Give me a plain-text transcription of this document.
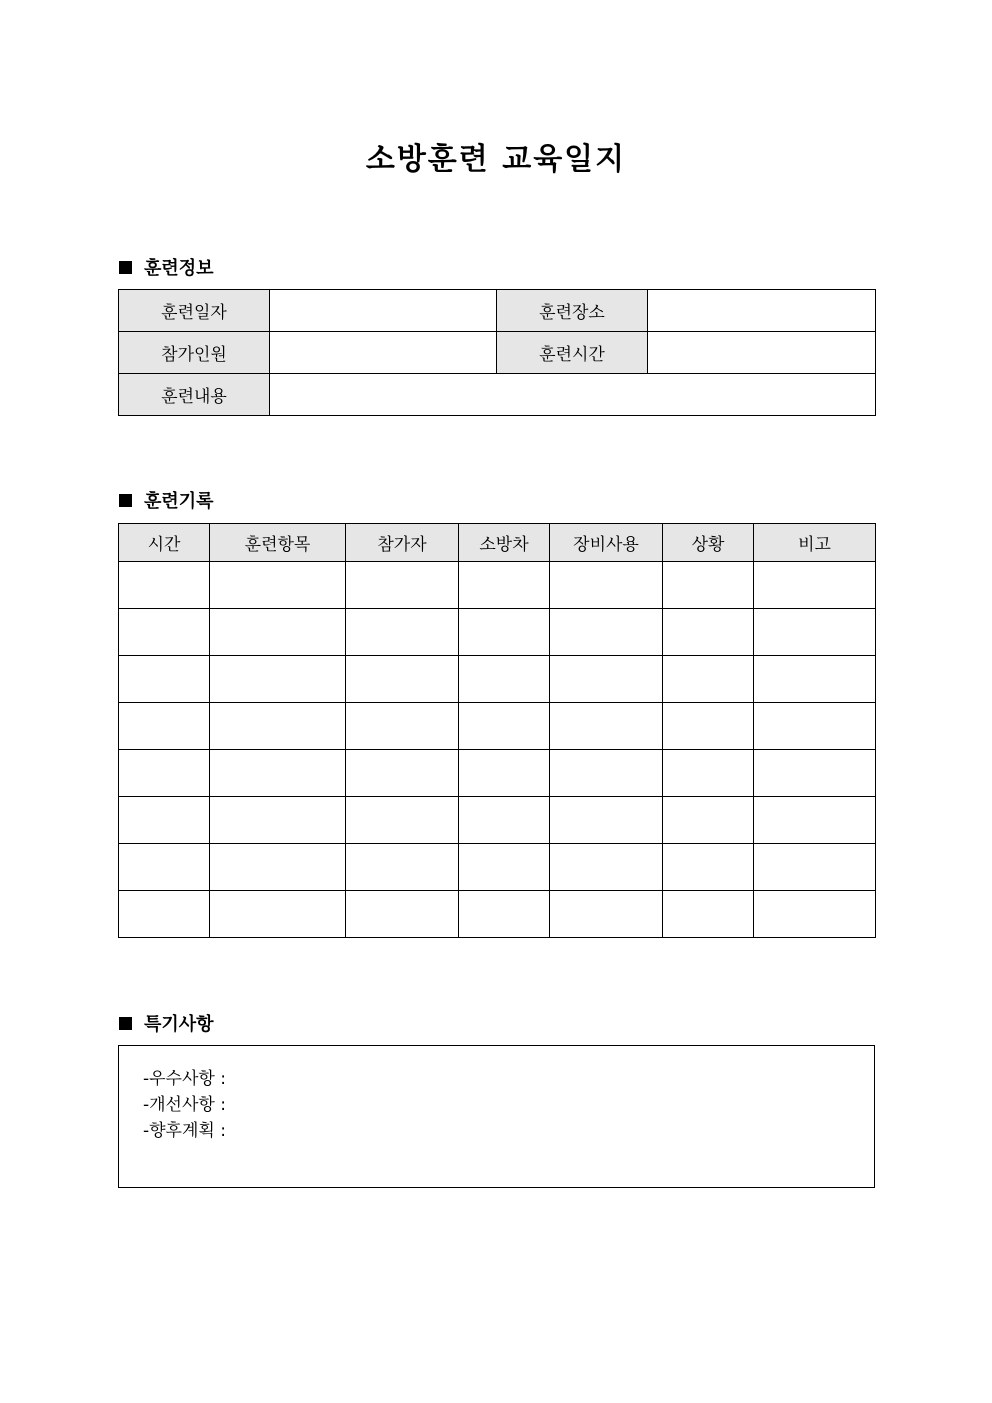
소방훈련 교육일지
훈련정보
훈련일자		훈련장소	
참가인원		훈련시간	
훈련내용			
훈련기록
시간	훈련항목	참가자	소방차	장비사용	상황	비고

특기사항
-우수사항 :
-개선사항 :
-향후계획 :
